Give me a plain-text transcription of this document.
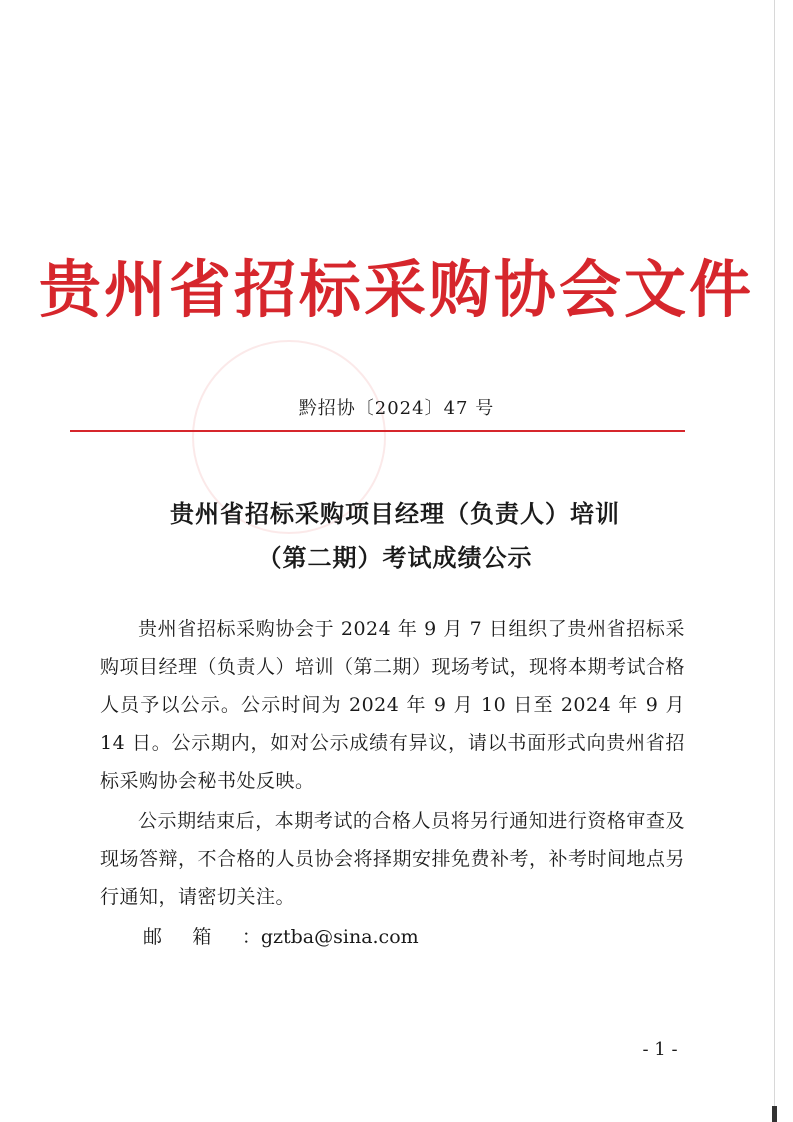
贵州省招标采购协会文件
黔招协〔2024〕47 号
贵州省招标采购项目经理（负责人）培训
（第二期）考试成绩公示

贵州省招标采购协会于 2024 年 9 月 7 日组织了贵州省招标采购项目经理（负责人）培训（第二期）现场考试，现将本期考试合格人员予以公示。公示时间为 2024 年 9 月 10 日至 2024 年 9 月 14 日。公示期内，如对公示成绩有异议，请以书面形式向贵州省招标采购协会秘书处反映。

公示期结束后，本期考试的合格人员将另行通知进行资格审查及现场答辩，不合格的人员协会将择期安排免费补考，补考时间地点另行通知，请密切关注。

邮箱：gztba@sina.com
- 1 -
